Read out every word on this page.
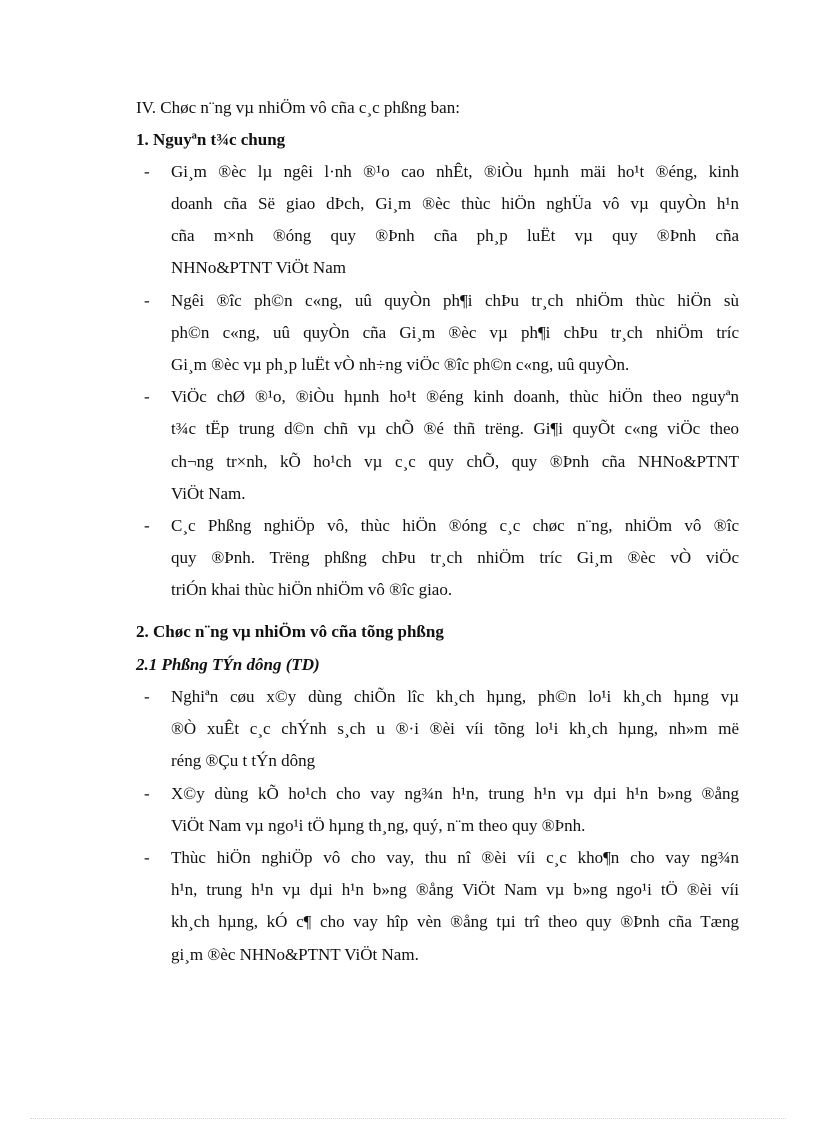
IV. Chøc n¨ng vµ nhiÖm vô cña c¸c phßng ban:
1. Nguyªn t¾c chung
- Gi¸m ®èc lµ ngêi l·nh ®¹o cao nhÊt, ®iÒu hµnh mäi ho¹t ®éng, kinh
doanh cña Së giao dÞch, Gi¸m ®èc thùc hiÖn nghÜa vô vµ quyÒn h¹n
cña m×nh ®óng quy ®Þnh cña ph¸p luËt vµ quy ®Þnh cña
NHNo&PTNT ViÖt Nam
- Ngêi ®îc ph©n c«ng, uû quyÒn ph¶i chÞu tr¸ch nhiÖm thùc hiÖn sù
ph©n c«ng, uû quyÒn cña Gi¸m ®èc vµ ph¶i chÞu tr¸ch nhiÖm tríc
Gi¸m ®èc vµ ph¸p luËt vÒ nh÷ng viÖc ®îc ph©n c«ng, uû quyÒn.
- ViÖc chØ ®¹o, ®iÒu hµnh ho¹t ®éng kinh doanh, thùc hiÖn theo nguyªn
t¾c tËp trung d©n chñ vµ chÕ ®é thñ trëng. Gi¶i quyÕt c«ng viÖc theo
ch¬ng tr×nh, kÕ ho¹ch vµ c¸c quy chÕ, quy ®Þnh cña NHNo&PTNT
ViÖt Nam.
- C¸c Phßng nghiÖp vô, thùc hiÖn ®óng c¸c chøc n¨ng, nhiÖm vô ®îc
quy ®Þnh. Trëng phßng chÞu tr¸ch nhiÖm tríc Gi¸m ®èc vÒ viÖc
triÓn khai thùc hiÖn nhiÖm vô ®îc giao.
2. Chøc n¨ng vµ nhiÖm vô cña tõng phßng
2.1 Phßng TÝn dông (TD)
- Nghiªn cøu x©y dùng chiÕn lîc kh¸ch hµng, ph©n lo¹i kh¸ch hµng vµ
®Ò xuÊt c¸c chÝnh s¸ch u ®·i ®èi víi tõng lo¹i kh¸ch hµng, nh»m më
réng ®Çu t tÝn dông
- X©y dùng kÕ ho¹ch cho vay ng¾n h¹n, trung h¹n vµ dµi h¹n b»ng ®ång
ViÖt Nam vµ ngo¹i tÖ hµng th¸ng, quý, n¨m theo quy ®Þnh.
- Thùc hiÖn nghiÖp vô cho vay, thu nî ®èi víi c¸c kho¶n cho vay ng¾n
h¹n, trung h¹n vµ dµi h¹n b»ng ®ång ViÖt Nam vµ b»ng ngo¹i tÖ ®èi víi
kh¸ch hµng, kÓ c¶ cho vay hîp vèn ®ång tµi trî theo quy ®Þnh cña Tæng
gi¸m ®èc NHNo&PTNT ViÖt Nam.
